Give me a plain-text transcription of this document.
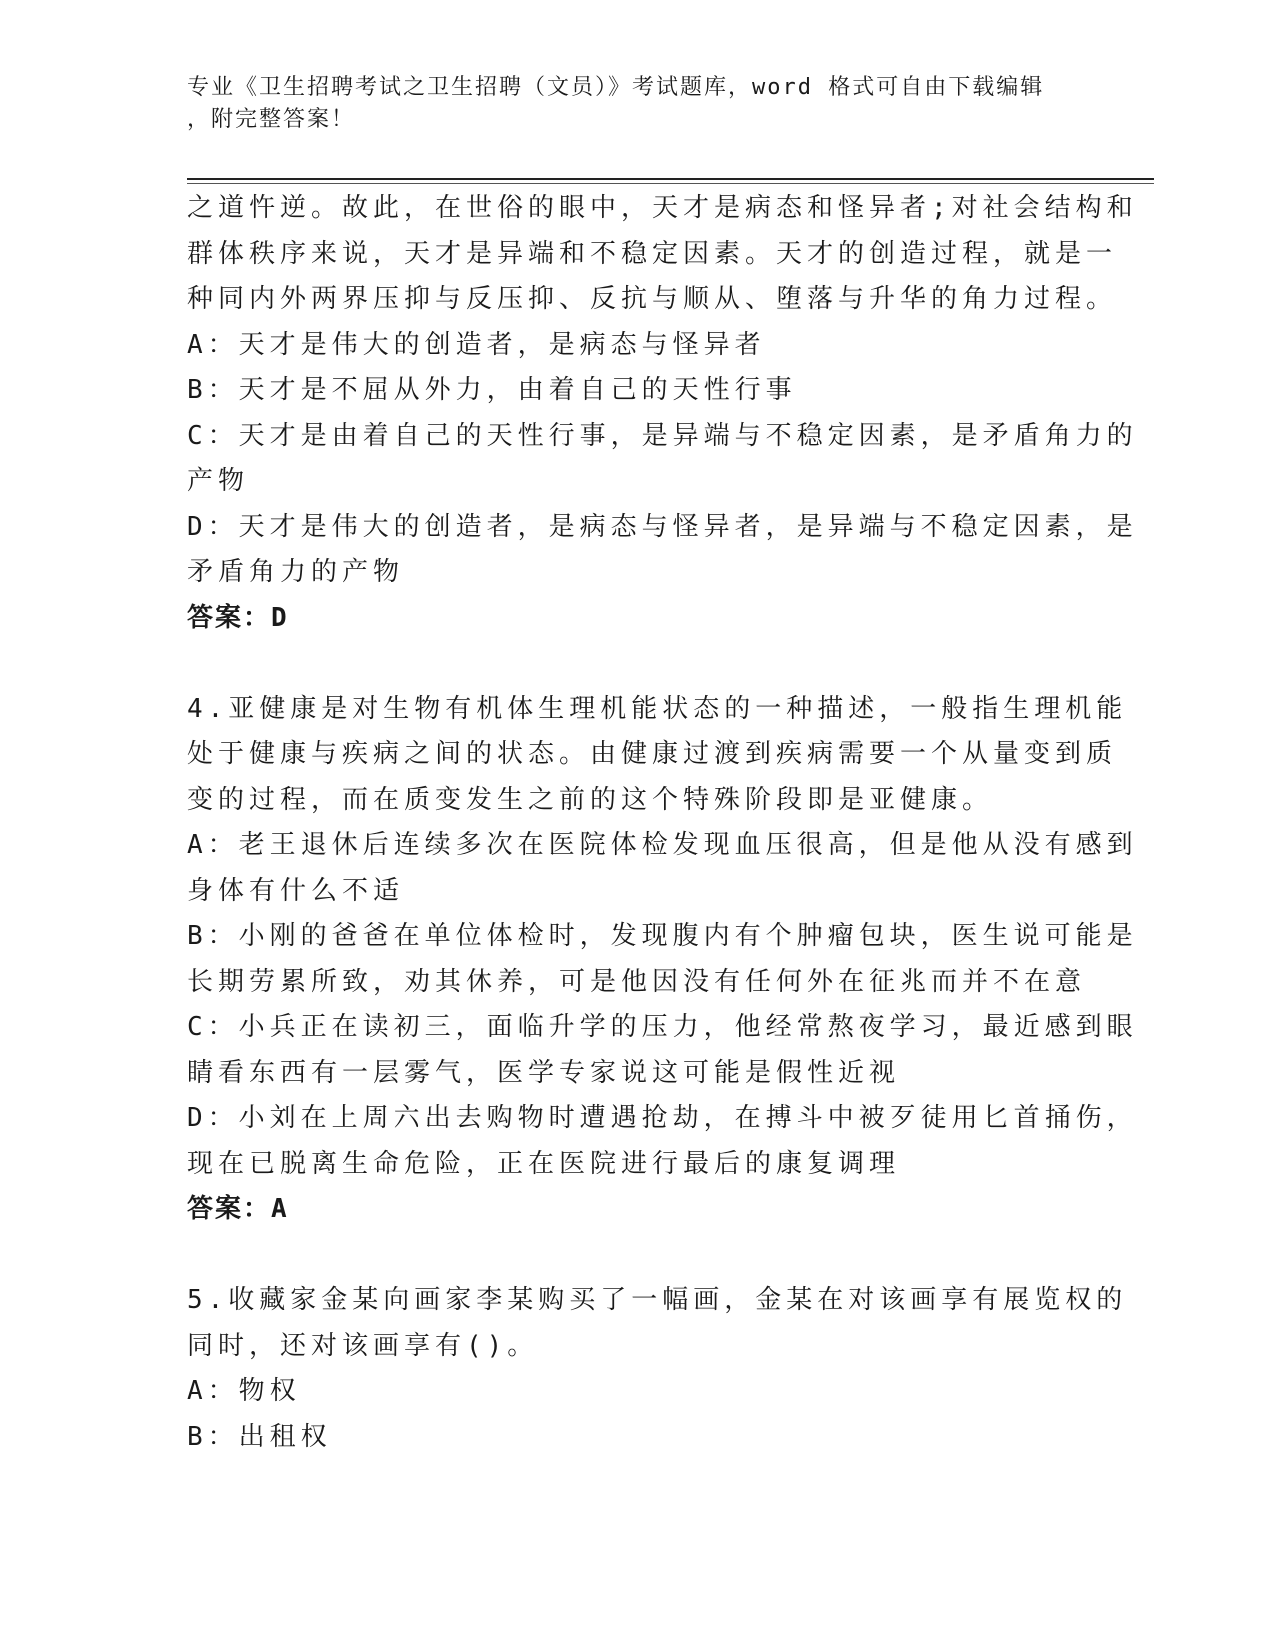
专业《卫生招聘考试之卫生招聘（文员）》考试题库，word 格式可自由下载编辑
，附完整答案！
之道忤逆。故此，在世俗的眼中，天才是病态和怪异者;对社会结构和
群体秩序来说，天才是异端和不稳定因素。天才的创造过程，就是一
种同内外两界压抑与反压抑、反抗与顺从、堕落与升华的角力过程。
A：天才是伟大的创造者，是病态与怪异者
B：天才是不屈从外力，由着自己的天性行事
C：天才是由着自己的天性行事，是异端与不稳定因素，是矛盾角力的
产物
D：天才是伟大的创造者，是病态与怪异者，是异端与不稳定因素，是
矛盾角力的产物
答案：D
4.亚健康是对生物有机体生理机能状态的一种描述，一般指生理机能
处于健康与疾病之间的状态。由健康过渡到疾病需要一个从量变到质
变的过程，而在质变发生之前的这个特殊阶段即是亚健康。
A：老王退休后连续多次在医院体检发现血压很高，但是他从没有感到
身体有什么不适
B：小刚的爸爸在单位体检时，发现腹内有个肿瘤包块，医生说可能是
长期劳累所致，劝其休养，可是他因没有任何外在征兆而并不在意
C：小兵正在读初三，面临升学的压力，他经常熬夜学习，最近感到眼
睛看东西有一层雾气，医学专家说这可能是假性近视
D：小刘在上周六出去购物时遭遇抢劫，在搏斗中被歹徒用匕首捅伤，
现在已脱离生命危险，正在医院进行最后的康复调理
答案：A
5.收藏家金某向画家李某购买了一幅画，金某在对该画享有展览权的
同时，还对该画享有()。
A：物权
B：出租权
